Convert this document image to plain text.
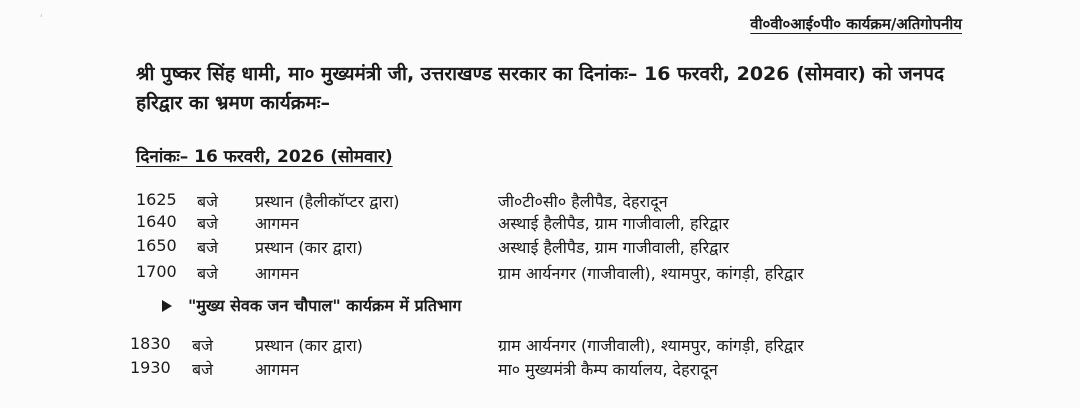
'	वी०वी०आई०पी० कार्यक्रम/अतिगोपनीय
श्री पुष्कर सिंह धामी, मा० मुख्यमंत्री जी, उत्तराखण्ड सरकार का दिनांकः– 16 फरवरी, 2026 (सोमवार) को जनपद हरिद्वार का भ्रमण कार्यक्रमः–
दिनांकः– 16 फरवरी, 2026 (सोमवार)
1625 बजे प्रस्थान (हैलीकॉप्टर द्वारा)	जी०टी०सी० हैलीपैड, देहरादून
1640 बजे आगमन	अस्थाई हैलीपैड, ग्राम गाजीवाली, हरिद्वार
1650 बजे प्रस्थान (कार द्वारा)	अस्थाई हैलीपैड, ग्राम गाजीवाली, हरिद्वार
1700 बजे आगमन	ग्राम आर्यनगर (गाजीवाली), श्यामपुर, कांगड़ी, हरिद्वार
"मुख्य सेवक जन चौपाल" कार्यक्रम में प्रतिभाग
1830 बजे	प्रस्थान (कार द्वारा)	ग्राम आर्यनगर (गाजीवाली), श्यामपुर, कांगड़ी, हरिद्वार
1930 बजे	आगमन	मा० मुख्यमंत्री कैम्प कार्यालय, देहरादून
